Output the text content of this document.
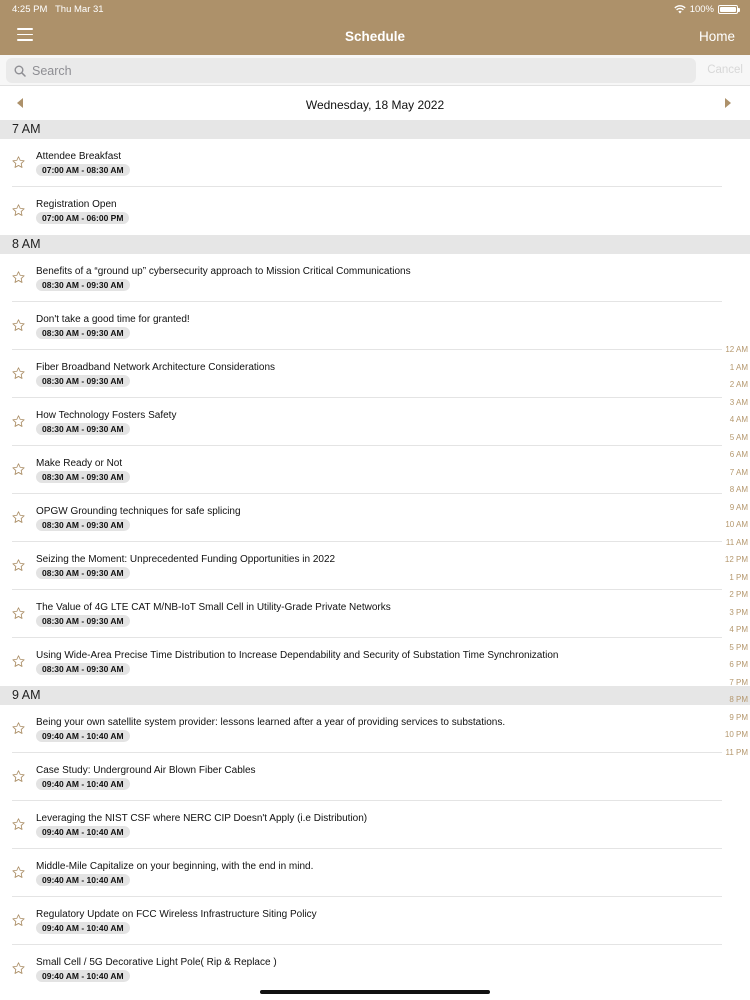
4:25 PM Thu Mar 31	100%
Schedule	Home
Search
Cancel
Wednesday, 18 May 2022
7 AM
Attendee Breakfast
07:00 AM - 08:30 AM
Registration Open
07:00 AM - 06:00 PM
8 AM
Benefits of a “ground up” cybersecurity approach to Mission Critical Communications
08:30 AM - 09:30 AM
Don't take a good time for granted!
08:30 AM - 09:30 AM
Fiber Broadband Network Architecture Considerations
08:30 AM - 09:30 AM
How Technology Fosters Safety
08:30 AM - 09:30 AM
Make Ready or Not
08:30 AM - 09:30 AM
OPGW Grounding techniques for safe splicing
08:30 AM - 09:30 AM
Seizing the Moment: Unprecedented Funding Opportunities in 2022
08:30 AM - 09:30 AM
The Value of 4G LTE CAT M/NB-IoT Small Cell in Utility-Grade Private Networks
08:30 AM - 09:30 AM
Using Wide-Area Precise Time Distribution to Increase Dependability and Security of Substation Time Synchronization
08:30 AM - 09:30 AM
9 AM
Being your own satellite system provider: lessons learned after a year of providing services to substations.
09:40 AM - 10:40 AM
Case Study: Underground Air Blown Fiber Cables
09:40 AM - 10:40 AM
Leveraging the NIST CSF where NERC CIP Doesn't Apply (i.e Distribution)
09:40 AM - 10:40 AM
Middle-Mile Capitalize on your beginning, with the end in mind.
09:40 AM - 10:40 AM
Regulatory Update on FCC Wireless Infrastructure Siting Policy
09:40 AM - 10:40 AM
Small Cell / 5G Decorative Light Pole( Rip & Replace )
09:40 AM - 10:40 AM
12 AM
1 AM
2 AM
3 AM
4 AM
5 AM
6 AM
7 AM
8 AM
9 AM
10 AM
11 AM
12 PM
1 PM
2 PM
3 PM
4 PM
5 PM
6 PM
7 PM
8 PM
9 PM
10 PM
11 PM
